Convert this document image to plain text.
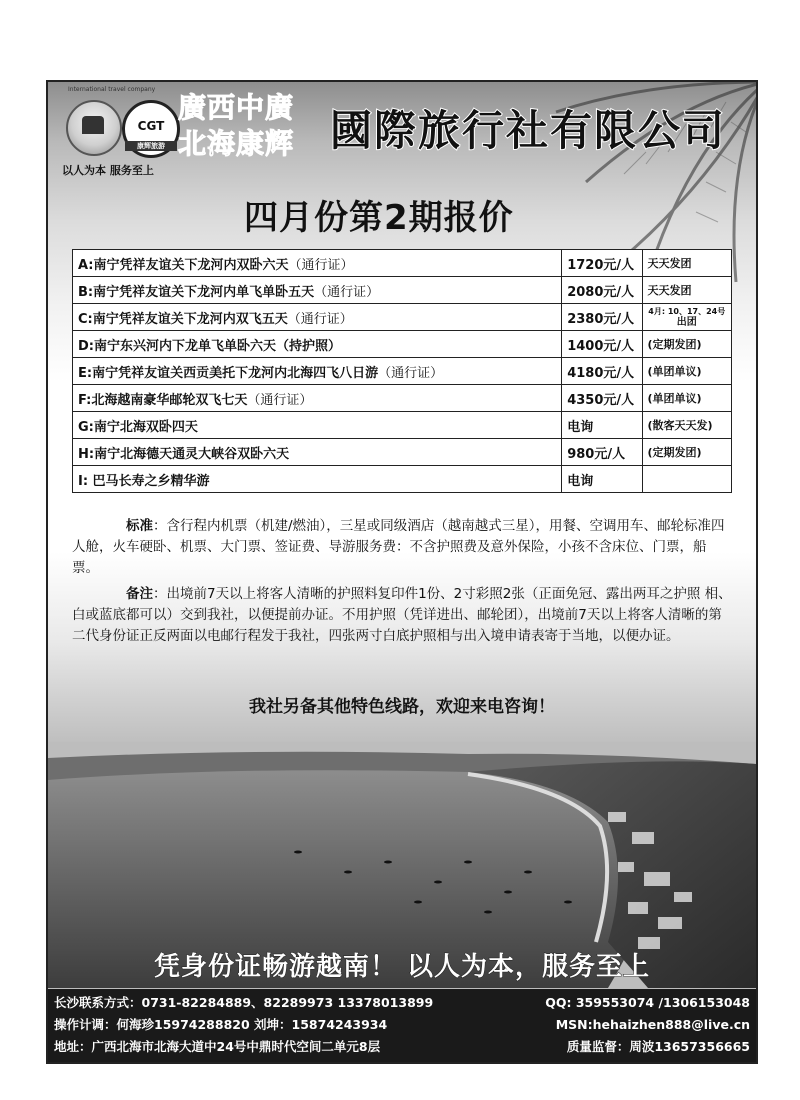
International travel company
CGT
康辉旅游
以人为本 服务至上
廣西中廣
北海康辉 國際旅行社有限公司
四月份第2期报价
A:南宁凭祥友谊关下龙河内双卧六天（通行证）	1720元/人	天天发团
B:南宁凭祥友谊关下龙河内单飞单卧五天（通行证）	2080元/人	天天发团
C:南宁凭祥友谊关下龙河内双飞五天（通行证）	2380元/人	4月: 10、17、24号
出团

D:南宁东兴河内下龙单飞单卧六天（持护照）	1400元/人	(定期发团)
E:南宁凭祥友谊关西贡美托下龙河内北海四飞八日游（通行证）	4180元/人	(单团单议)
F:北海越南豪华邮轮双飞七天（通行证）	4350元/人	(单团单议)
G:南宁北海双卧四天	电询	(散客天天发)
H:南宁北海德天通灵大峡谷双卧六天	980元/人	(定期发团)
I: 巴马长寿之乡精华游	电询	

标准：含行程内机票（机建/燃油），三星或同级酒店（越南越式三星），用餐、空调用车、邮轮标准四人舱，火车硬卧、机票、大门票、签证费、导游服务费：不含护照费及意外保险，小孩不含床位、门票，船票。

备注：出境前7天以上将客人清晰的护照料复印件1份、2寸彩照2张（正面免冠、露出两耳之护照 相、白或蓝底都可以）交到我社，以便提前办证。不用护照（凭详进出、邮轮团），出境前7天以上将客人清晰的第二代身份证正反两面以电邮行程发于我社，四张两寸白底护照相与出入境申请表寄于当地，以便办证。

我社另备其他特色线路，欢迎来电咨询！
凭身份证畅游越南！ 以人为本，服务至上
长沙联系方式：0731-82284889、82289973 13378013899	QQ: 359553074 /1306153048
操作计调：何海珍15974288820 刘坤：15874243934	MSN:hehaizhen888@live.cn
地址：广西北海市北海大道中24号中鼎时代空间二单元8层	质量监督：周波13657356665
